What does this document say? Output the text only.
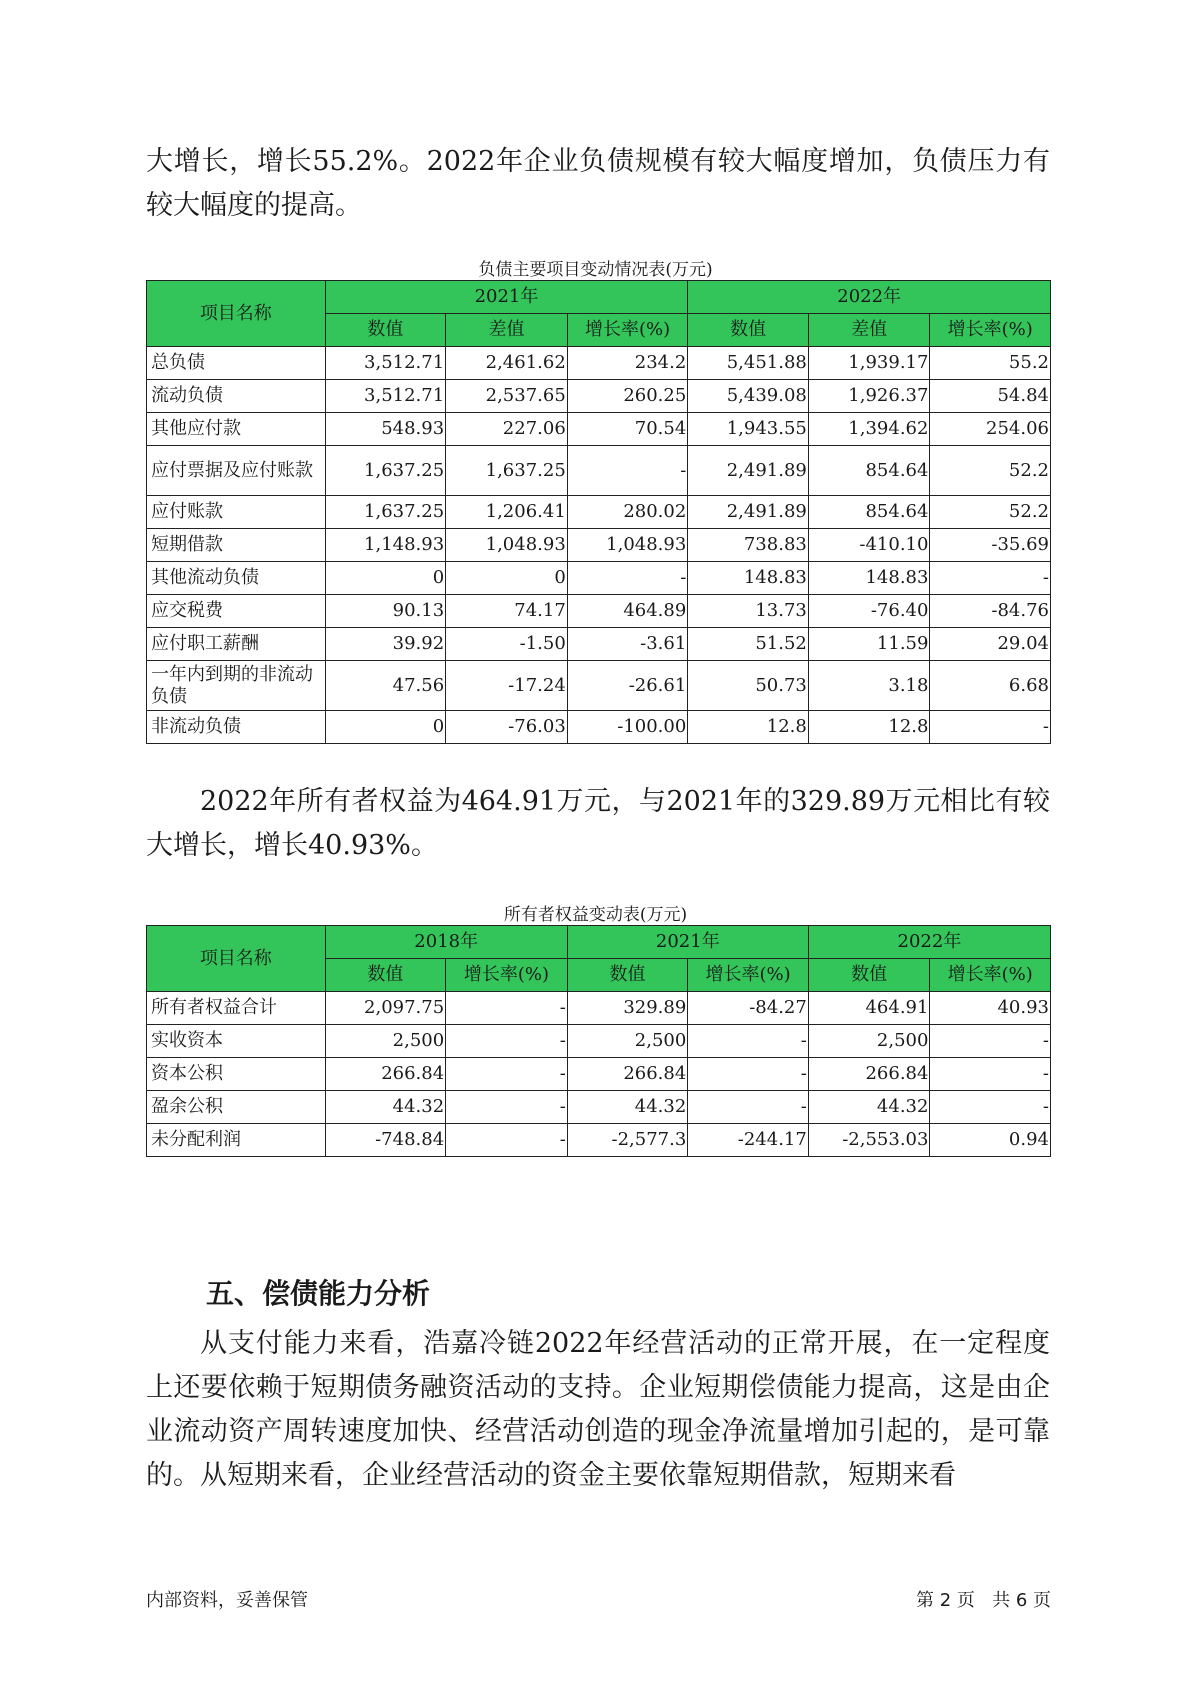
大增长，增长55.2%。2022年企业负债规模有较大幅度增加，负债压力有较大幅度的提高。

负债主要项目变动情况表(万元)
项目名称	2021年			2022年		
	数值	差值	增长率(%)	数值	差值	增长率(%)
总负债	3,512.71	2,461.62	234.2	5,451.88	1,939.17	55.2
流动负债	3,512.71	2,537.65	260.25	5,439.08	1,926.37	54.84
其他应付款	548.93	227.06	70.54	1,943.55	1,394.62	254.06
应付票据及应付账款	1,637.25	1,637.25	-	2,491.89	854.64	52.2
应付账款	1,637.25	1,206.41	280.02	2,491.89	854.64	52.2
短期借款	1,148.93	1,048.93	1,048.93	738.83	-410.10	-35.69
其他流动负债	0	0	-	148.83	148.83	-
应交税费	90.13	74.17	464.89	13.73	-76.40	-84.76
应付职工薪酬	39.92	-1.50	-3.61	51.52	11.59	29.04
一年内到期的非流动负债	47.56	-17.24	-26.61	50.73	3.18	6.68
非流动负债	0	-76.03	-100.00	12.8	12.8	-

2022年所有者权益为464.91万元，与2021年的329.89万元相比有较大增长，增长40.93%。

所有者权益变动表(万元)
项目名称	2018年		2021年		2022年	
	数值	增长率(%)	数值	增长率(%)	数值	增长率(%)
所有者权益合计	2,097.75	-	329.89	-84.27	464.91	40.93
实收资本	2,500	-	2,500	-	2,500	-
资本公积	266.84	-	266.84	-	266.84	-
盈余公积	44.32	-	44.32	-	44.32	-
未分配利润	-748.84	-	-2,577.3	-244.17	-2,553.03	0.94
五、偿债能力分析

从支付能力来看，浩嘉冷链2022年经营活动的正常开展，在一定程度上还要依赖于短期债务融资活动的支持。企业短期偿债能力提高，这是由企业流动资产周转速度加快、经营活动创造的现金净流量增加引起的，是可靠的。从短期来看，企业经营活动的资金主要依靠短期借款，短期来看

内部资料，妥善保管	第 2 页   共 6 页
